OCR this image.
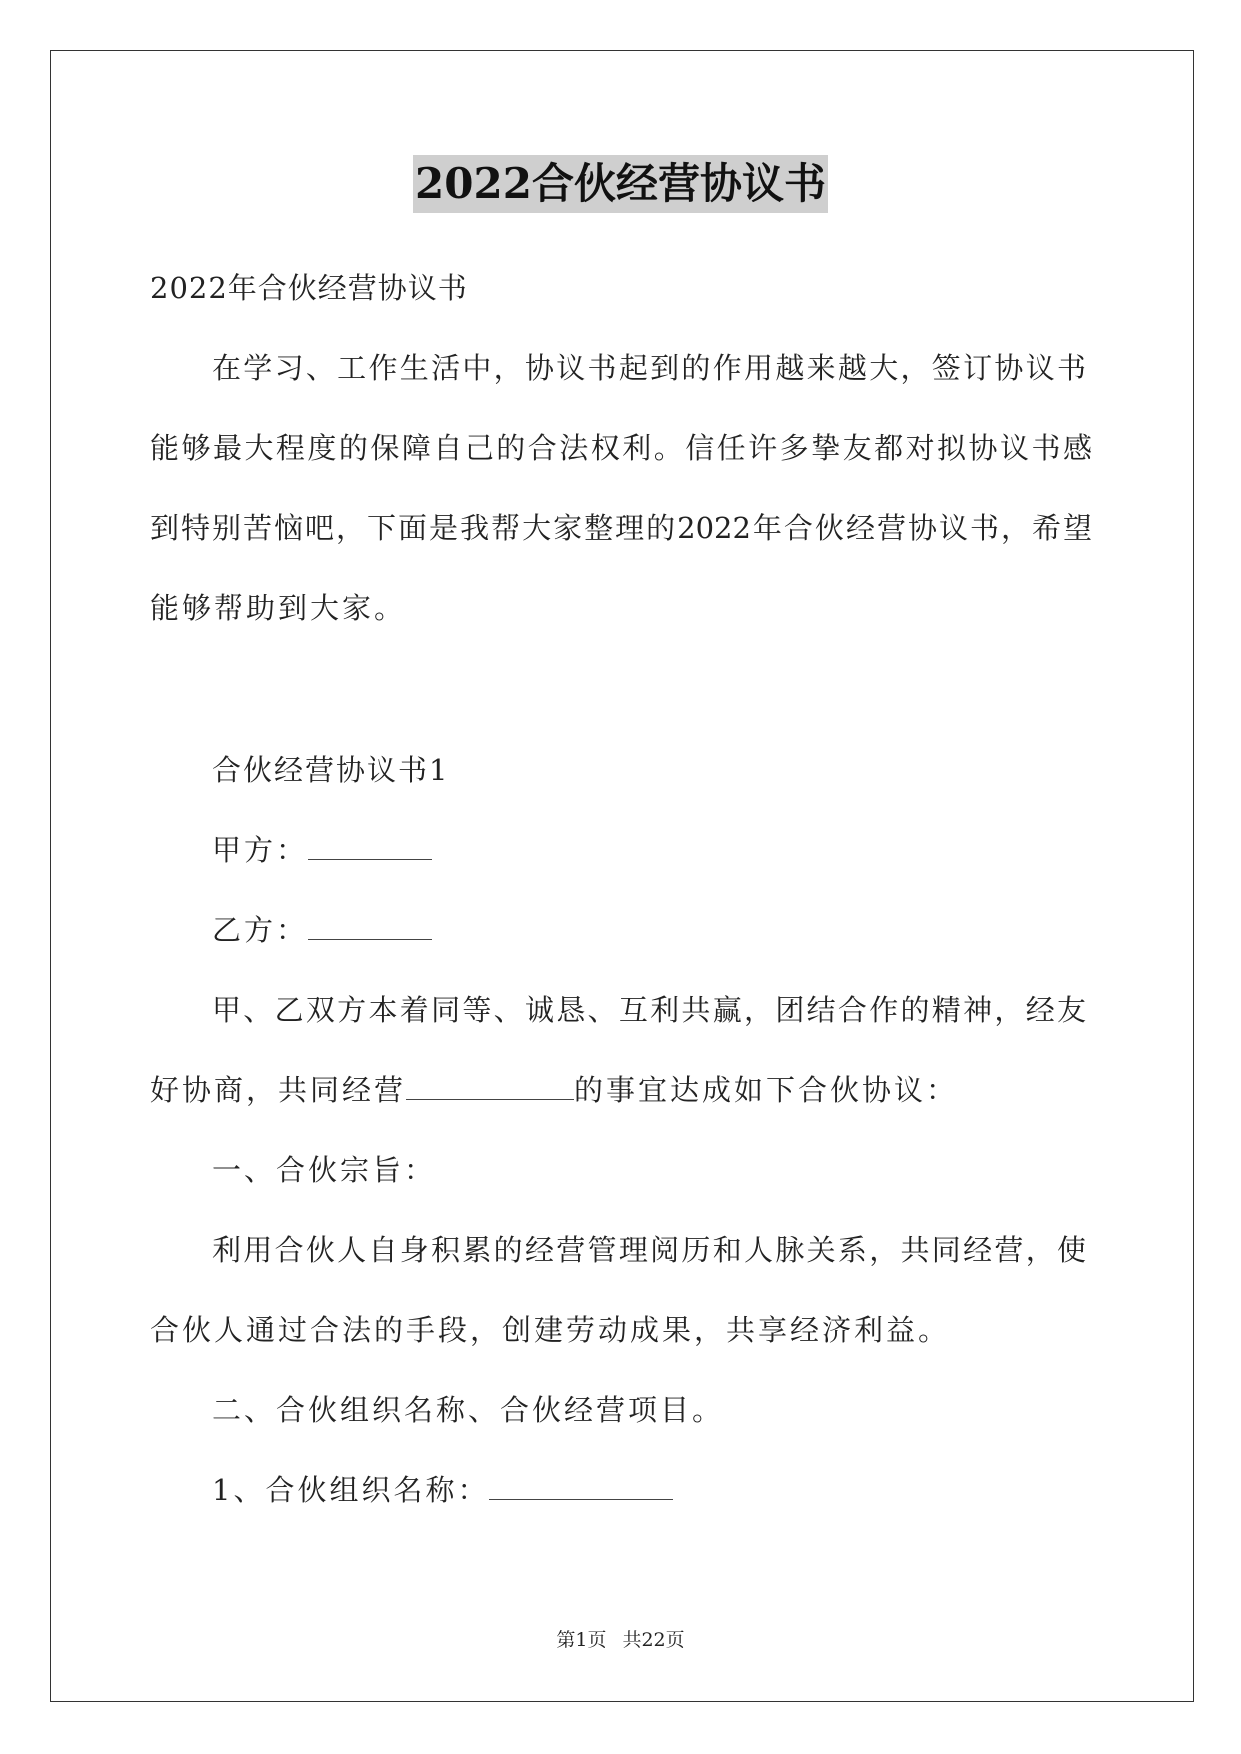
2022合伙经营协议书
2022年合伙经营协议书
在学习、工作生活中，协议书起到的作用越来越大，签订协议书
能够最大程度的保障自己的合法权利。信任许多挚友都对拟协议书感
到特别苦恼吧，下面是我帮大家整理的2022年合伙经营协议书，希望
能够帮助到大家。
合伙经营协议书1
甲方：
乙方：
甲、乙双方本着同等、诚恳、互利共赢，团结合作的精神，经友
好协商，共同经营	的事宜达成如下合伙协议：
一、合伙宗旨：
利用合伙人自身积累的经营管理阅历和人脉关系，共同经营，使
合伙人通过合法的手段，创建劳动成果，共享经济利益。
二、合伙组织名称、合伙经营项目。
1、合伙组织名称：
第1页 共22页
